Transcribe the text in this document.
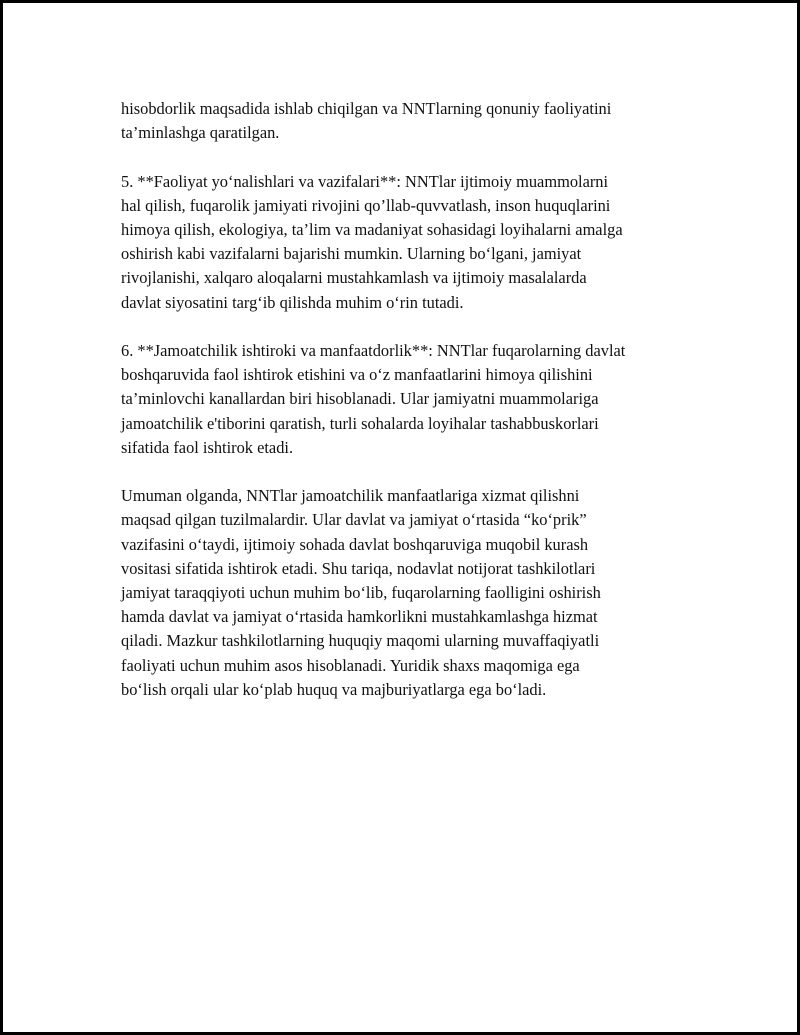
hisobdorlik maqsadida ishlab chiqilgan va NNTlarning qonuniy faoliyatini
ta’minlashga qaratilgan.

5. **Faoliyat yo‘nalishlari va vazifalari**: NNTlar ijtimoiy muammolarni
hal qilish, fuqarolik jamiyati rivojini qo’llab-quvvatlash, inson huquqlarini
himoya qilish, ekologiya, ta’lim va madaniyat sohasidagi loyihalarni amalga
oshirish kabi vazifalarni bajarishi mumkin. Ularning bo‘lgani, jamiyat
rivojlanishi, xalqaro aloqalarni mustahkamlash va ijtimoiy masalalarda
davlat siyosatini targ‘ib qilishda muhim o‘rin tutadi.

6. **Jamoatchilik ishtiroki va manfaatdorlik**: NNTlar fuqarolarning davlat
boshqaruvida faol ishtirok etishini va o‘z manfaatlarini himoya qilishini
ta’minlovchi kanallardan biri hisoblanadi. Ular jamiyatni muammolariga
jamoatchilik e'tiborini qaratish, turli sohalarda loyihalar tashabbuskorlari
sifatida faol ishtirok etadi.

Umuman olganda, NNTlar jamoatchilik manfaatlariga xizmat qilishni
maqsad qilgan tuzilmalardir. Ular davlat va jamiyat o‘rtasida “ko‘prik”
vazifasini o‘taydi, ijtimoiy sohada davlat boshqaruviga muqobil kurash
vositasi sifatida ishtirok etadi. Shu tariqa, nodavlat notijorat tashkilotlari
jamiyat taraqqiyoti uchun muhim bo‘lib, fuqarolarning faolligini oshirish
hamda davlat va jamiyat o‘rtasida hamkorlikni mustahkamlashga hizmat
qiladi. Mazkur tashkilotlarning huquqiy maqomi ularning muvaffaqiyatli
faoliyati uchun muhim asos hisoblanadi. Yuridik shaxs maqomiga ega
bo‘lish orqali ular ko‘plab huquq va majburiyatlarga ega bo‘ladi.
